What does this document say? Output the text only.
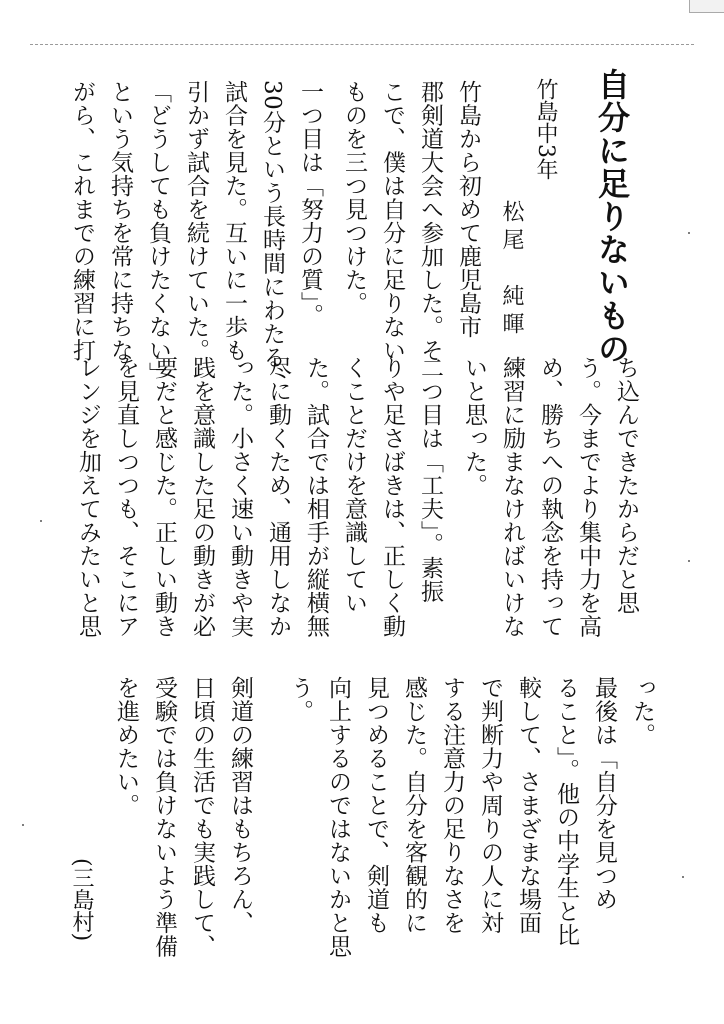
自分に足りないもの
竹島中3年
松尾　純暉
竹島から初めて鹿児島市
郡剣道大会へ参加した。そ
こで、僕は自分に足りない
ものを三つ見つけた。
一つ目は「努力の質」。
30分という長時間にわたる
試合を見た。互いに一歩も
引かず試合を続けていた。
「どうしても負けたくない」
という気持ちを常に持ちな
がら、これまでの練習に打
ち込んできたからだと思
う。今までより集中力を高
め、勝ちへの執念を持って
練習に励まなければいけな
いと思った。
二つ目は「工夫」。素振
りや足さばきは、正しく動
くことだけを意識してい
た。試合では相手が縦横無
尽に動くため、通用しなか
った。小さく速い動きや実
践を意識した足の動きが必
要だと感じた。正しい動き
を見直しつつも、そこにア
レンジを加えてみたいと思
った。
最後は「自分を見つめ
ること」。他の中学生と比
較して、さまざまな場面
で判断力や周りの人に対
する注意力の足りなさを
感じた。自分を客観的に
見つめることで、剣道も
向上するのではないかと思
う。
剣道の練習はもちろん、
日頃の生活でも実践して、
受験では負けないよう準備
を進めたい。
(三島村)
